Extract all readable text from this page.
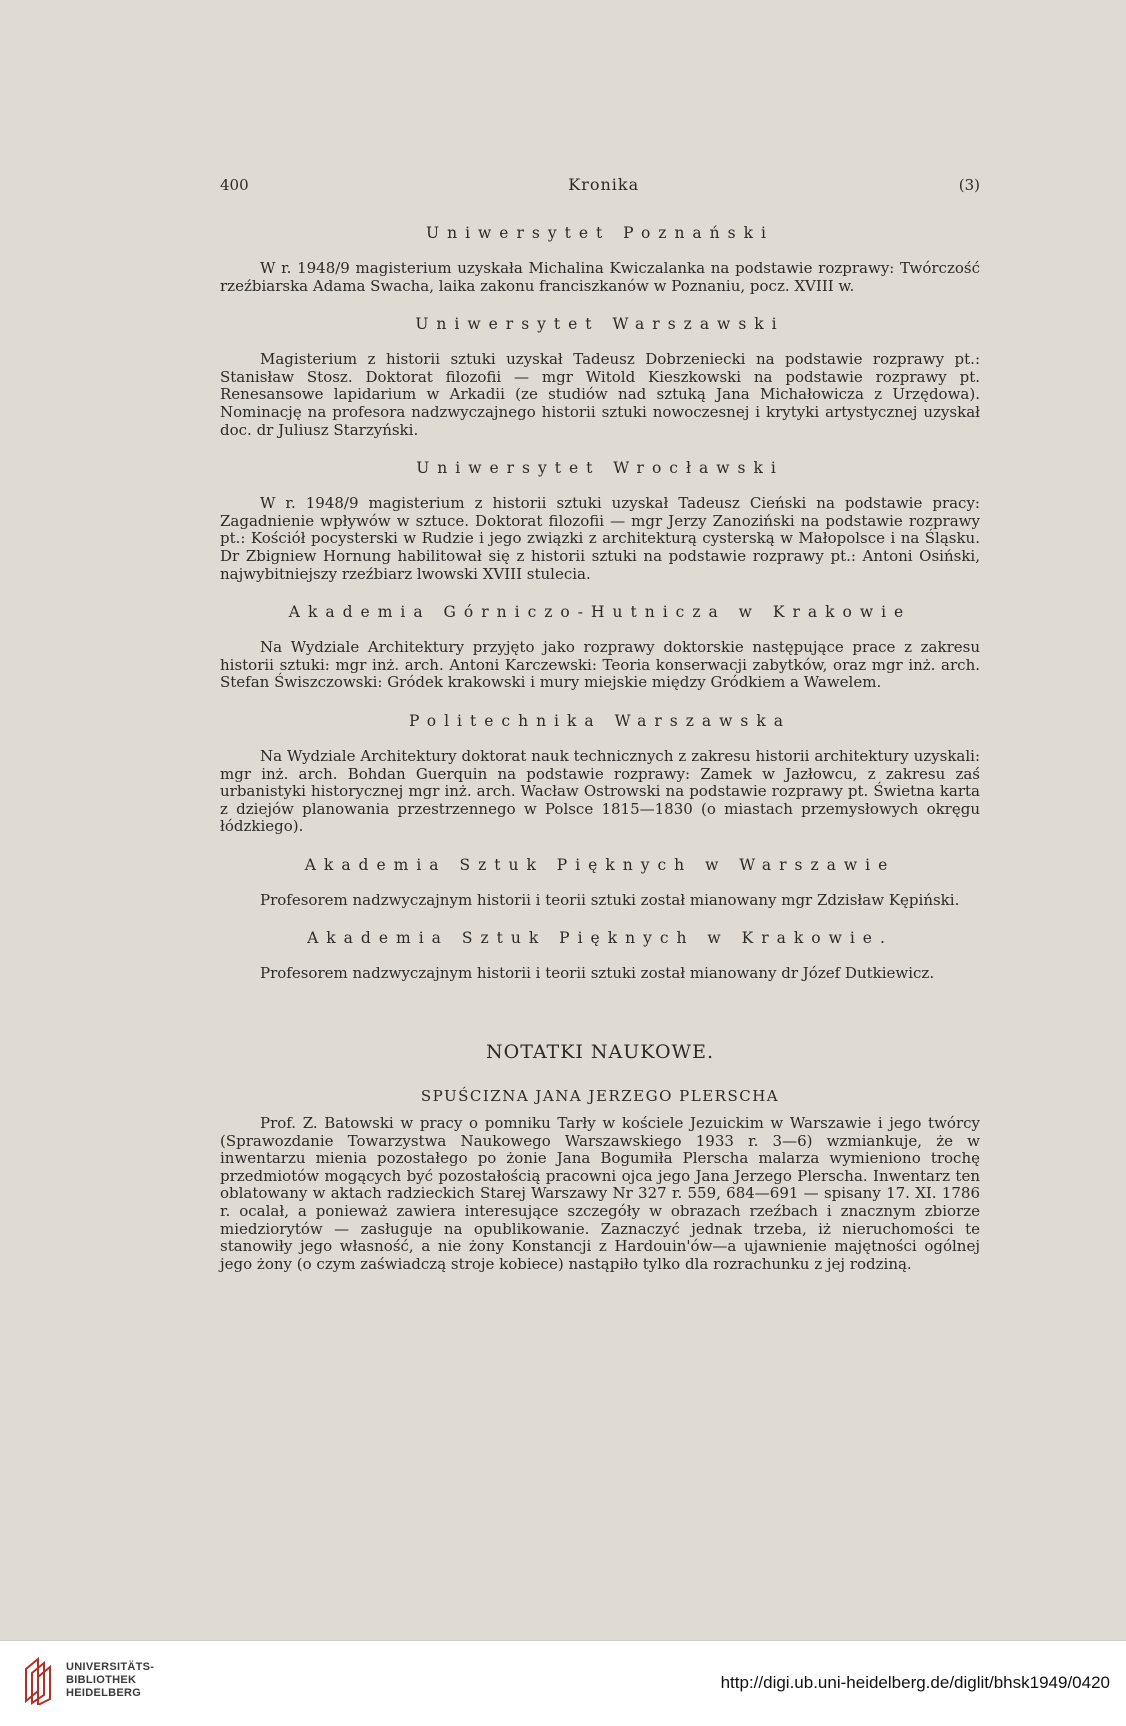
400	Kronika	(3)
Uniwersytet Poznański

W r. 1948/9 magisterium uzyskała Michalina Kwiczalanka na podstawie rozprawy: Twórczość rzeźbiarska Adama Swacha, laika zakonu franciszkanów w Poznaniu, pocz. XVIII w.

Uniwersytet Warszawski

Magisterium z historii sztuki uzyskał Tadeusz Dobrzeniecki na podstawie rozprawy pt.: Stanisław Stosz. Doktorat filozofii — mgr Witold Kieszkowski na podstawie rozprawy pt. Renesansowe lapidarium w Arkadii (ze studiów nad sztuką Jana Michałowicza z Urzędowa). Nominację na profesora nadzwyczajnego historii sztuki nowoczesnej i krytyki artystycznej uzyskał doc. dr Juliusz Starzyński.

Uniwersytet Wrocławski

W r. 1948/9 magisterium z historii sztuki uzyskał Tadeusz Cieński na podstawie pracy: Zagadnienie wpływów w sztuce. Doktorat filozofii — mgr Jerzy Zanoziński na podstawie rozprawy pt.: Kościół pocysterski w Rudzie i jego związki z architekturą cysterską w Małopolsce i na Śląsku. Dr Zbigniew Hornung habilitował się z historii sztuki na podstawie rozprawy pt.: Antoni Osiński, najwybitniejszy rzeźbiarz lwowski XVIII stulecia.

Akademia Górniczo-Hutnicza w Krakowie

Na Wydziale Architektury przyjęto jako rozprawy doktorskie następujące prace z zakresu historii sztuki: mgr inż. arch. Antoni Karczewski: Teoria konserwacji zabytków, oraz mgr inż. arch. Stefan Świszczowski: Gródek krakowski i mury miejskie między Gródkiem a Wawelem.

Politechnika Warszawska

Na Wydziale Architektury doktorat nauk technicznych z zakresu historii architektury uzyskali: mgr inż. arch. Bohdan Guerquin na podstawie rozprawy: Zamek w Jazłowcu, z zakresu zaś urbanistyki historycznej mgr inż. arch. Wacław Ostrowski na podstawie rozprawy pt. Świetna karta z dziejów planowania przestrzennego w Polsce 1815—1830 (o miastach przemysłowych okręgu łódzkiego).

Akademia Sztuk Pięknych w Warszawie

Profesorem nadzwyczajnym historii i teorii sztuki został mianowany mgr Zdzisław Kępiński.

Akademia Sztuk Pięknych w Krakowie.

Profesorem nadzwyczajnym historii i teorii sztuki został mianowany dr Józef Dutkiewicz.

NOTATKI NAUKOWE.
SPUŚCIZNA JANA JERZEGO PLERSCHA

Prof. Z. Batowski w pracy o pomniku Tarły w kościele Jezuickim w Warszawie i jego twórcy (Sprawozdanie Towarzystwa Naukowego Warszawskiego 1933 r. 3—6) wzmiankuje, że w inwentarzu mienia pozostałego po żonie Jana Bogumiła Plerscha malarza wymieniono trochę przedmiotów mogących być pozostałością pracowni ojca jego Jana Jerzego Plerscha. Inwentarz ten oblatowany w aktach radzieckich Starej Warszawy Nr 327 r. 559, 684—691 — spisany 17. XI. 1786 r. ocalał, a ponieważ zawiera interesujące szczegóły w obrazach rzeźbach i znacznym zbiorze miedziorytów — zasługuje na opublikowanie. Zaznaczyć jednak trzeba, iż nieruchomości te stanowiły jego własność, a nie żony Konstancji z Hardouin'ów—a ujawnienie majętności ogólnej jego żony (o czym zaświadczą stroje kobiece) nastąpiło tylko dla rozrachunku z jej rodziną.

UNIVERSITÄTS-
BIBLIOTHEK
HEIDELBERG
http://digi.ub.uni-heidelberg.de/diglit/bhsk1949/0420
